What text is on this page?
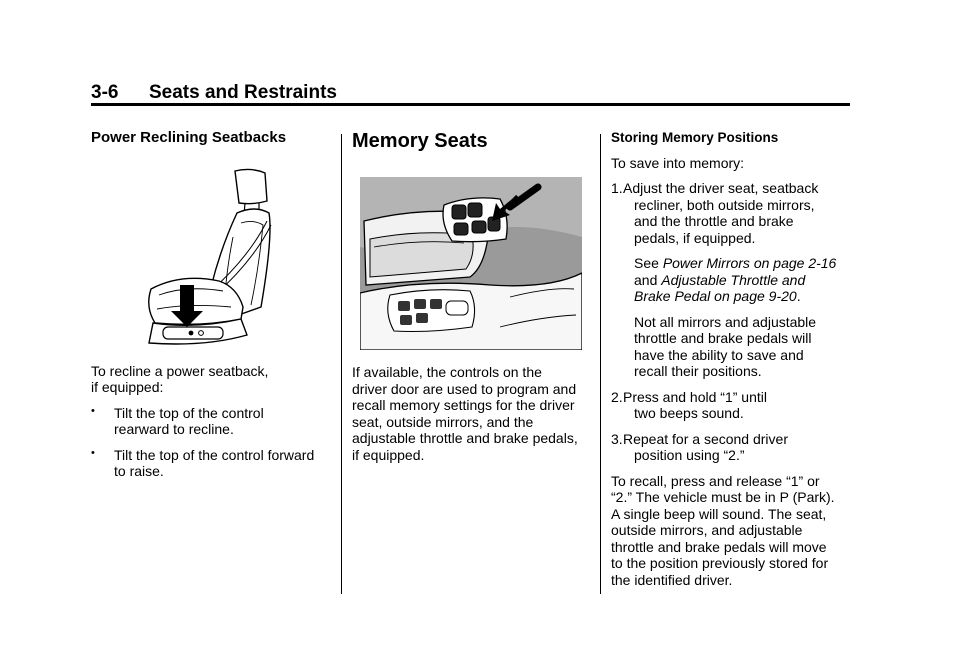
3-6 Seats and Restraints
Power Reclining Seatbacks

To recline a power seatback,

if equipped:

• Tilt the top of the control

rearward to recline.

• Tilt the top of the control forward

to raise.

Memory Seats

If available, the controls on the

driver door are used to program and

recall memory settings for the driver

seat, outside mirrors, and the

adjustable throttle and brake pedals,

if equipped.

Storing Memory Positions

To save into memory:

1. Adjust the driver seat, seatback

recliner, both outside mirrors,

and the throttle and brake

pedals, if equipped.

See Power Mirrors on page 2-16

and Adjustable Throttle and

Brake Pedal on page 9-20.

Not all mirrors and adjustable

throttle and brake pedals will

have the ability to save and

recall their positions.

2. Press and hold “1” until

two beeps sound.

3. Repeat for a second driver

position using “2.”

To recall, press and release “1” or

“2.” The vehicle must be in P (Park).

A single beep will sound. The seat,

outside mirrors, and adjustable

throttle and brake pedals will move

to the position previously stored for

the identified driver.
